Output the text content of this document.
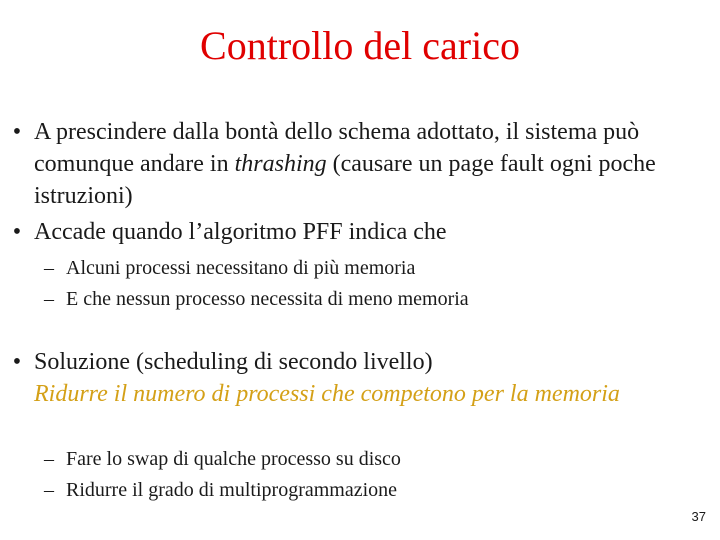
Controllo del carico
• A prescindere dalla bontà dello schema adottato, il sistema può comunque andare in thrashing (causare un page fault ogni poche istruzioni)
• Accade quando l’algoritmo PFF indica che
– Alcuni processi necessitano di più memoria
– E che nessun processo necessita di meno memoria
• Soluzione (scheduling di secondo livello)
Ridurre il numero di processi che competono per la memoria
– Fare lo swap di qualche processo su disco
– Ridurre il grado di multiprogrammazione
37
